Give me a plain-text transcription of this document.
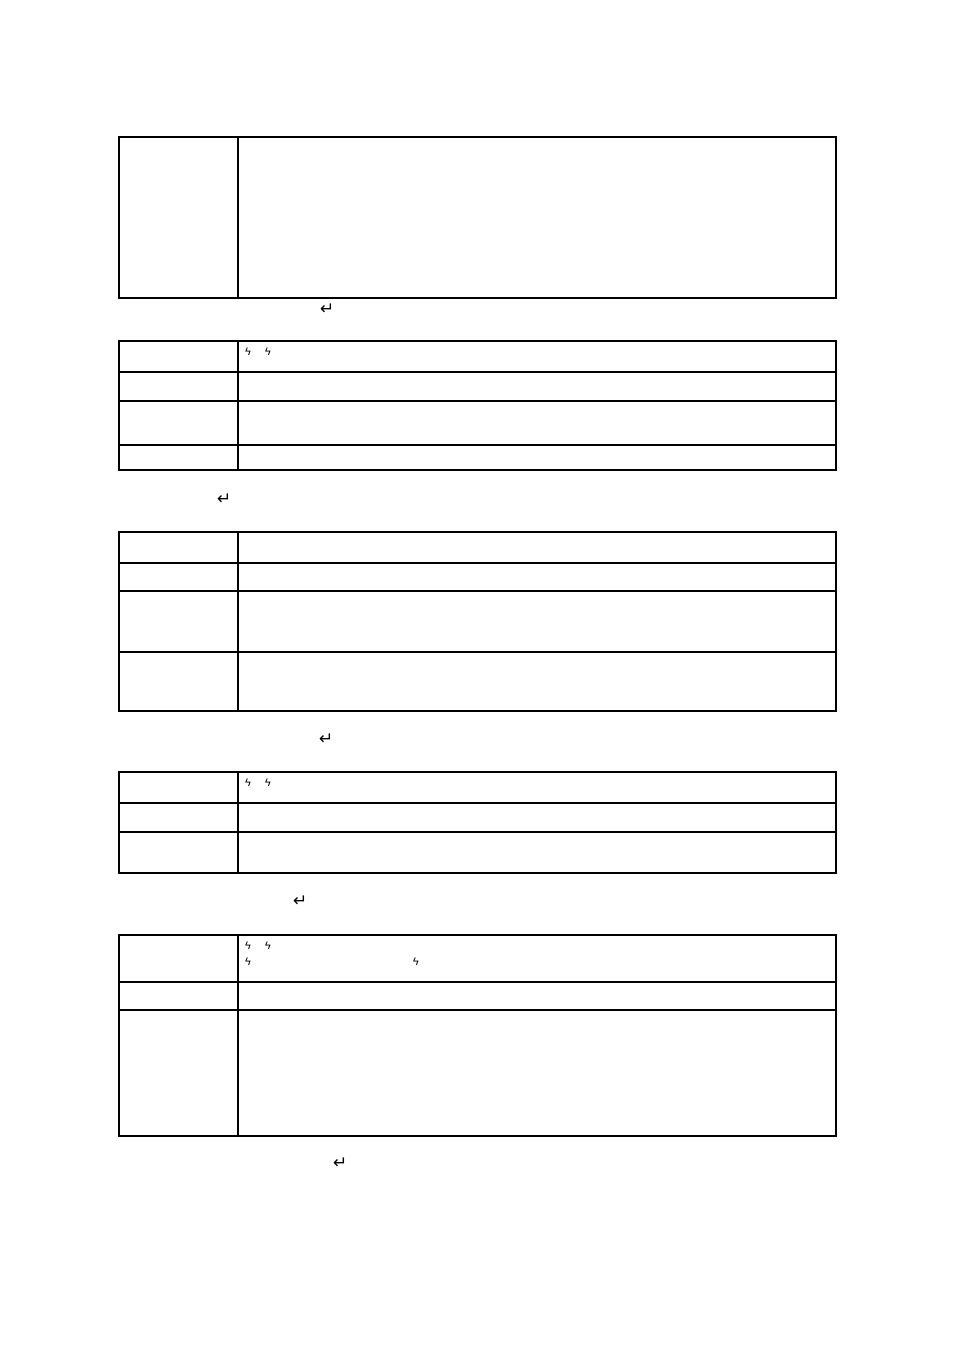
↵
ϟ ϟ
↵
↵
ϟ ϟ
↵
ϟ ϟ
ϟ	ϟ
↵
